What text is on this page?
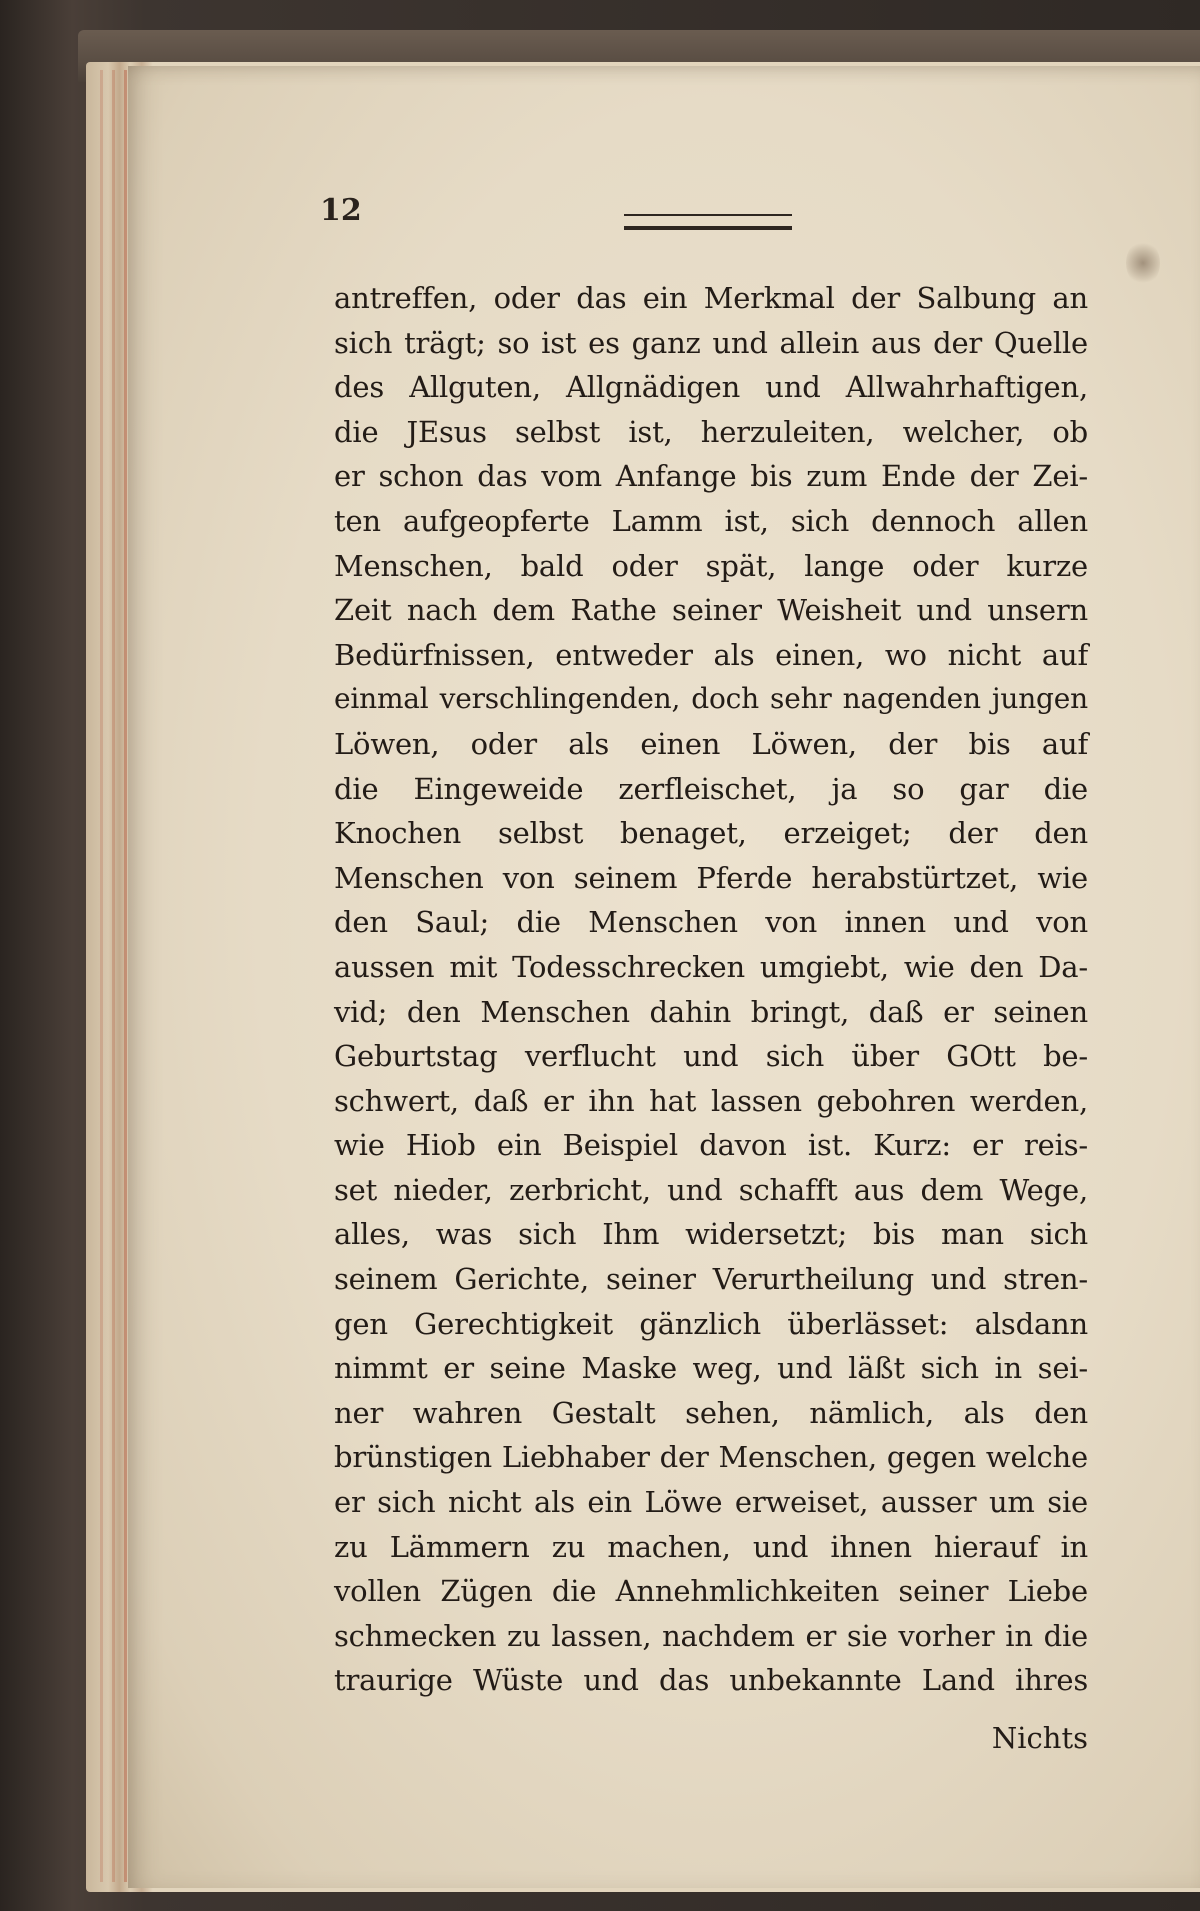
12
antreffen, oder das ein Merkmal der Salbung an
sich trägt; so ist es ganz und allein aus der Quelle
des Allguten, Allgnädigen und Allwahrhaftigen,
die JEsus selbst ist, herzuleiten, welcher, ob
er schon das vom Anfange bis zum Ende der Zei-
ten aufgeopferte Lamm ist, sich dennoch allen
Menschen, bald oder spät, lange oder kurze
Zeit nach dem Rathe seiner Weisheit und unsern
Bedürfnissen, entweder als einen, wo nicht auf
einmal verschlingenden, doch sehr nagenden jungen
Löwen, oder als einen Löwen, der bis auf
die Eingeweide zerfleischet, ja so gar die
Knochen selbst benaget, erzeiget; der den
Menschen von seinem Pferde herabstürtzet, wie
den Saul; die Menschen von innen und von
aussen mit Todesschrecken umgiebt, wie den Da-
vid; den Menschen dahin bringt, daß er seinen
Geburtstag verflucht und sich über GOtt be-
schwert, daß er ihn hat lassen gebohren werden,
wie Hiob ein Beispiel davon ist. Kurz: er reis-
set nieder, zerbricht, und schafft aus dem Wege,
alles, was sich Ihm widersetzt; bis man sich
seinem Gerichte, seiner Verurtheilung und stren-
gen Gerechtigkeit gänzlich überlässet: alsdann
nimmt er seine Maske weg, und läßt sich in sei-
ner wahren Gestalt sehen, nämlich, als den
brünstigen Liebhaber der Menschen, gegen welche
er sich nicht als ein Löwe erweiset, ausser um sie
zu Lämmern zu machen, und ihnen hierauf in
vollen Zügen die Annehmlichkeiten seiner Liebe
schmecken zu lassen, nachdem er sie vorher in die
traurige Wüste und das unbekannte Land ihres
Nichts
